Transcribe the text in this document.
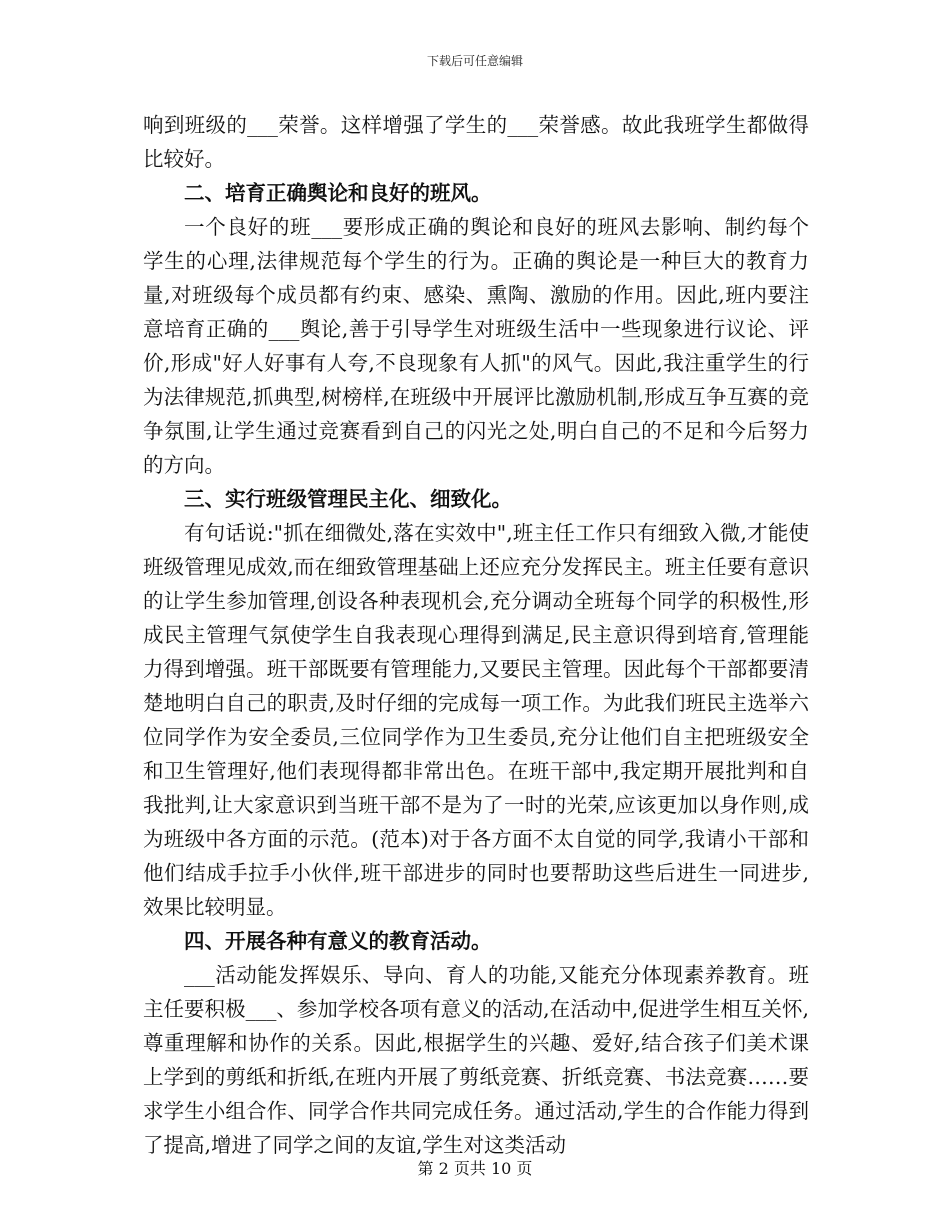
下载后可任意编辑

响到班级的___荣誉。这样增强了学生的___荣誉感。故此我班学生都做得比较好。

二、培育正确舆论和良好的班风。

一个良好的班___要形成正确的舆论和良好的班风去影响、制约每个学生的心理,法律规范每个学生的行为。正确的舆论是一种巨大的教育力量,对班级每个成员都有约束、感染、熏陶、激励的作用。因此,班内要注意培育正确的___舆论,善于引导学生对班级生活中一些现象进行议论、评价,形成"好人好事有人夸,不良现象有人抓"的风气。因此,我注重学生的行为法律规范,抓典型,树榜样,在班级中开展评比激励机制,形成互争互赛的竞争氛围,让学生通过竞赛看到自己的闪光之处,明白自己的不足和今后努力的方向。

三、实行班级管理民主化、细致化。

有句话说:"抓在细微处,落在实效中",班主任工作只有细致入微,才能使班级管理见成效,而在细致管理基础上还应充分发挥民主。班主任要有意识的让学生参加管理,创设各种表现机会,充分调动全班每个同学的积极性,形成民主管理气氛使学生自我表现心理得到满足,民主意识得到培育,管理能力得到增强。班干部既要有管理能力,又要民主管理。因此每个干部都要清楚地明白自己的职责,及时仔细的完成每一项工作。为此我们班民主选举六位同学作为安全委员,三位同学作为卫生委员,充分让他们自主把班级安全和卫生管理好,他们表现得都非常出色。在班干部中,我定期开展批判和自我批判,让大家意识到当班干部不是为了一时的光荣,应该更加以身作则,成为班级中各方面的示范。(范本)对于各方面不太自觉的同学,我请小干部和他们结成手拉手小伙伴,班干部进步的同时也要帮助这些后进生一同进步,效果比较明显。

四、开展各种有意义的教育活动。

___活动能发挥娱乐、导向、育人的功能,又能充分体现素养教育。班主任要积极___、参加学校各项有意义的活动,在活动中,促进学生相互关怀,尊重理解和协作的关系。因此,根据学生的兴趣、爱好,结合孩子们美术课上学到的剪纸和折纸,在班内开展了剪纸竞赛、折纸竞赛、书法竞赛……要求学生小组合作、同学合作共同完成任务。通过活动,学生的合作能力得到了提高,增进了同学之间的友谊,学生对这类活动

第 2 页共 10 页
